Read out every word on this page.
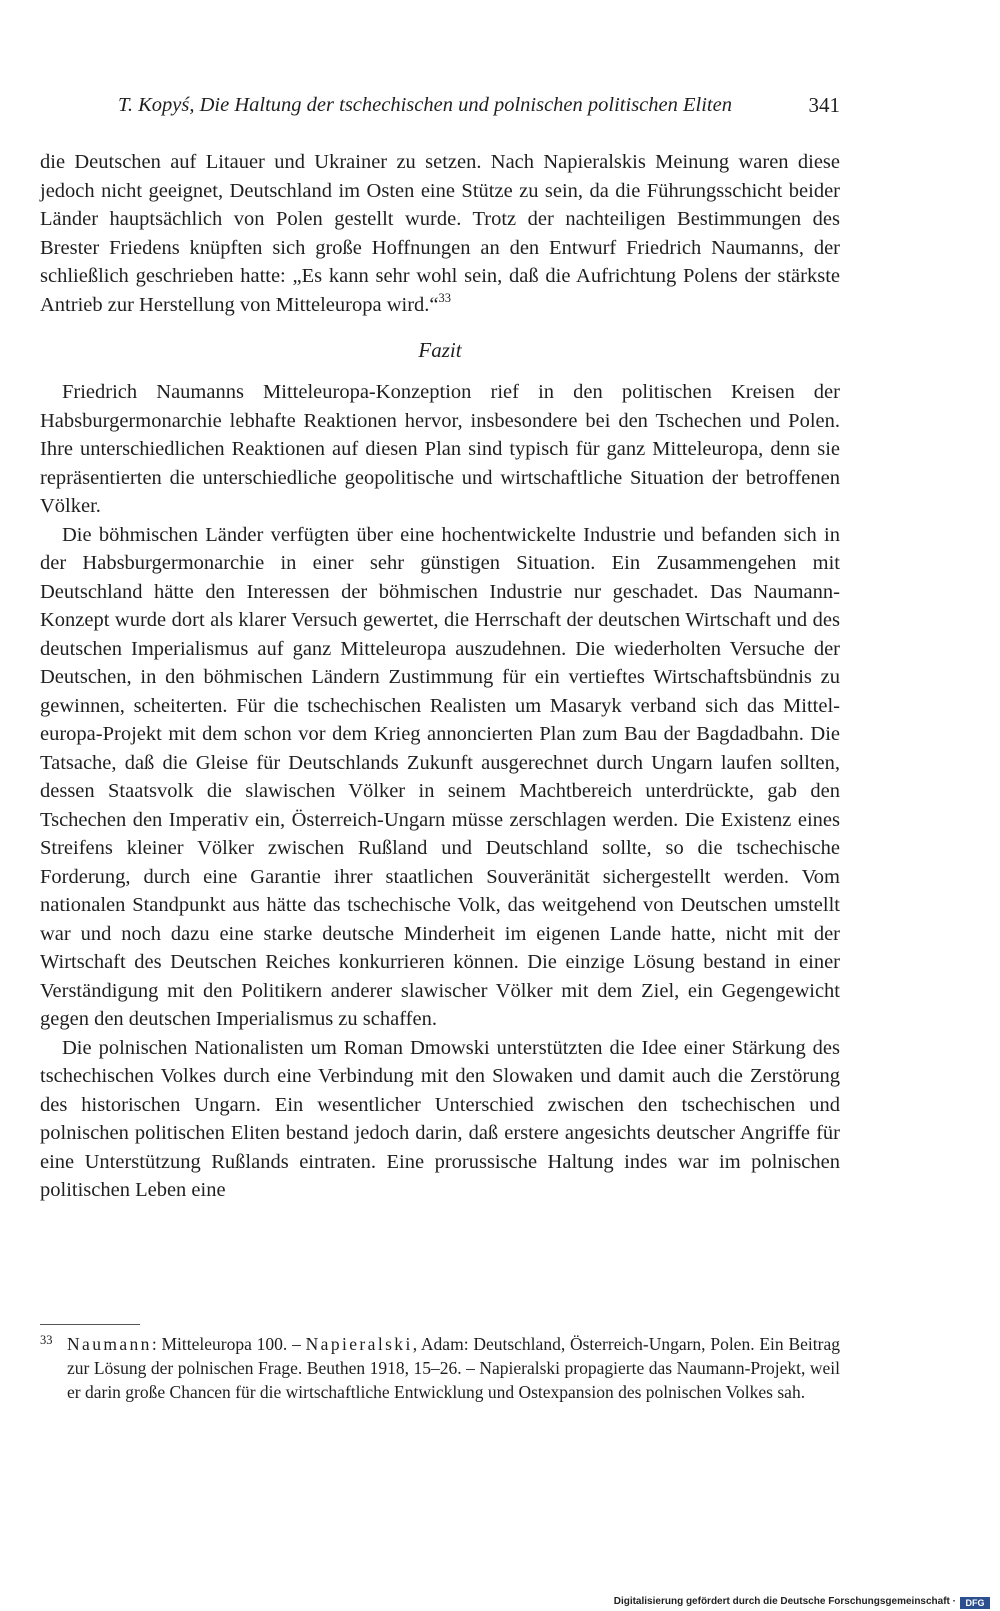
T. Kopyś, Die Haltung der tschechischen und polnischen politischen Eliten	341

die Deutschen auf Litauer und Ukrainer zu setzen. Nach Napieralskis Meinung waren diese jedoch nicht geeignet, Deutschland im Osten eine Stütze zu sein, da die Führungsschicht beider Länder hauptsächlich von Polen gestellt wurde. Trotz der nachteiligen Bestimmungen des Brester Friedens knüpften sich große Hoffnungen an den Entwurf Friedrich Naumanns, der schließlich geschrieben hatte: „Es kann sehr wohl sein, daß die Aufrichtung Polens der stärkste Antrieb zur Herstellung von Mitteleuropa wird.“$^{33}$

Fazit

Friedrich Naumanns Mitteleuropa-Konzeption rief in den politischen Kreisen der Habsburgermonarchie lebhafte Reaktionen hervor, insbesondere bei den Tschechen und Polen. Ihre unterschiedlichen Reaktionen auf diesen Plan sind typisch für ganz Mitteleuropa, denn sie repräsentierten die unterschiedliche geopolitische und wirtschaftliche Situation der betroffenen Völker.

Die böhmischen Länder verfügten über eine hochentwickelte Industrie und befanden sich in der Habsburgermonarchie in einer sehr günstigen Situation. Ein Zusammengehen mit Deutschland hätte den Interessen der böhmischen Industrie nur geschadet. Das Naumann-Konzept wurde dort als klarer Versuch gewertet, die Herrschaft der deutschen Wirtschaft und des deutschen Imperialismus auf ganz Mitteleuropa auszudehnen. Die wiederholten Versuche der Deutschen, in den böhmischen Ländern Zustimmung für ein vertieftes Wirtschaftsbündnis zu gewinnen, scheiterten. Für die tschechischen Realisten um Masaryk verband sich das Mitteleuropa-Projekt mit dem schon vor dem Krieg annoncierten Plan zum Bau der Bagdadbahn. Die Tatsache, daß die Gleise für Deutschlands Zukunft ausgerechnet durch Ungarn laufen sollten, dessen Staatsvolk die slawischen Völker in seinem Machtbereich unterdrückte, gab den Tschechen den Imperativ ein, Österreich-Ungarn müsse zerschlagen werden. Die Existenz eines Streifens kleiner Völker zwischen Rußland und Deutschland sollte, so die tschechische Forderung, durch eine Garantie ihrer staatlichen Souveränität sichergestellt werden. Vom nationalen Standpunkt aus hätte das tschechische Volk, das weitgehend von Deutschen umstellt war und noch dazu eine starke deutsche Minderheit im eigenen Lande hatte, nicht mit der Wirtschaft des Deutschen Reiches konkurrieren können. Die einzige Lösung bestand in einer Verständigung mit den Politikern anderer slawischer Völker mit dem Ziel, ein Gegengewicht gegen den deutschen Imperialismus zu schaffen.

Die polnischen Nationalisten um Roman Dmowski unterstützten die Idee einer Stärkung des tschechischen Volkes durch eine Verbindung mit den Slowaken und damit auch die Zerstörung des historischen Ungarn. Ein wesentlicher Unterschied zwischen den tschechischen und polnischen politischen Eliten bestand jedoch darin, daß erstere angesichts deutscher Angriffe für eine Unterstützung Rußlands eintraten. Eine prorussische Haltung indes war im polnischen politischen Leben eine

33 Naumann: Mitteleuropa 100. – Napieralski, Adam: Deutschland, Österreich-Ungarn, Polen. Ein Beitrag zur Lösung der polnischen Frage. Beuthen 1918, 15–26. – Napieralski propagierte das Naumann-Projekt, weil er darin große Chancen für die wirtschaftliche Entwicklung und Ostexpansion des polnischen Volkes sah.
Digitalisierung gefördert durch die Deutsche Forschungsgemeinschaft ·	DFG
